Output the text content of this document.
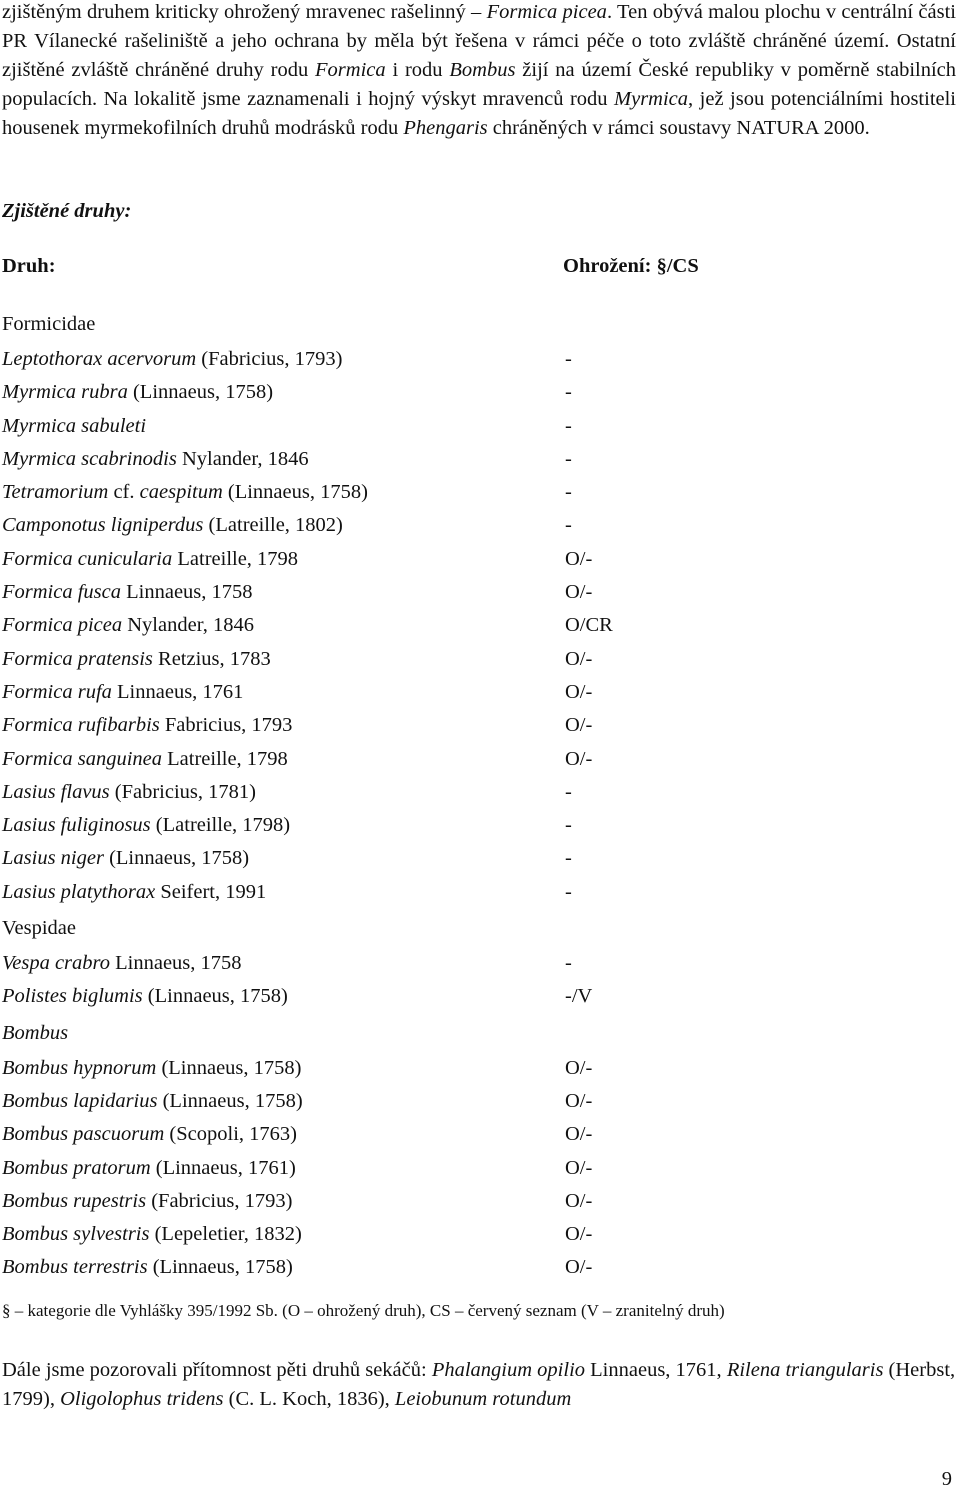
zjištěným druhem kriticky ohrožený mravenec rašelinný – Formica picea. Ten obývá malou plochu v centrální části PR Vílanecké rašeliniště a jeho ochrana by měla být řešena v rámci péče o toto zvláště chráněné území. Ostatní zjištěné zvláště chráněné druhy rodu Formica i rodu Bombus žijí na území České republiky v poměrně stabilních populacích. Na lokalitě jsme zaznamenali i hojný výskyt mravenců rodu Myrmica, jež jsou potenciálními hostiteli housenek myrmekofilních druhů modrásků rodu Phengaris chráněných v rámci soustavy NATURA 2000.

Zjištěné druhy:

Druh:	Ohrožení: §/CS

Formicidae
Leptothorax acervorum (Fabricius, 1793)	-
Myrmica rubra (Linnaeus, 1758)	-
Myrmica sabuleti	-
Myrmica scabrinodis Nylander, 1846	-
Tetramorium cf. caespitum (Linnaeus, 1758)	-
Camponotus ligniperdus (Latreille, 1802)	-
Formica cunicularia Latreille, 1798	O/-
Formica fusca Linnaeus, 1758	O/-
Formica picea Nylander, 1846	O/CR
Formica pratensis Retzius, 1783	O/-
Formica rufa Linnaeus, 1761	O/-
Formica rufibarbis Fabricius, 1793	O/-
Formica sanguinea Latreille, 1798	O/-
Lasius flavus (Fabricius, 1781)	-
Lasius fuliginosus (Latreille, 1798)	-
Lasius niger (Linnaeus, 1758)	-
Lasius platythorax Seifert, 1991	-
Vespidae
Vespa crabro Linnaeus, 1758	-
Polistes biglumis (Linnaeus, 1758)	-/V
Bombus
Bombus hypnorum (Linnaeus, 1758)	O/-
Bombus lapidarius (Linnaeus, 1758)	O/-
Bombus pascuorum (Scopoli, 1763)	O/-
Bombus pratorum (Linnaeus, 1761)	O/-
Bombus rupestris (Fabricius, 1793)	O/-
Bombus sylvestris (Lepeletier, 1832)	O/-
Bombus terrestris (Linnaeus, 1758)	O/-

§ – kategorie dle Vyhlášky 395/1992 Sb. (O – ohrožený druh), CS – červený seznam (V – zranitelný druh)

Dále jsme pozorovali přítomnost pěti druhů sekáčů: Phalangium opilio Linnaeus, 1761, Rilena triangularis (Herbst, 1799), Oligolophus tridens (C. L. Koch, 1836), Leiobunum rotundum

9
